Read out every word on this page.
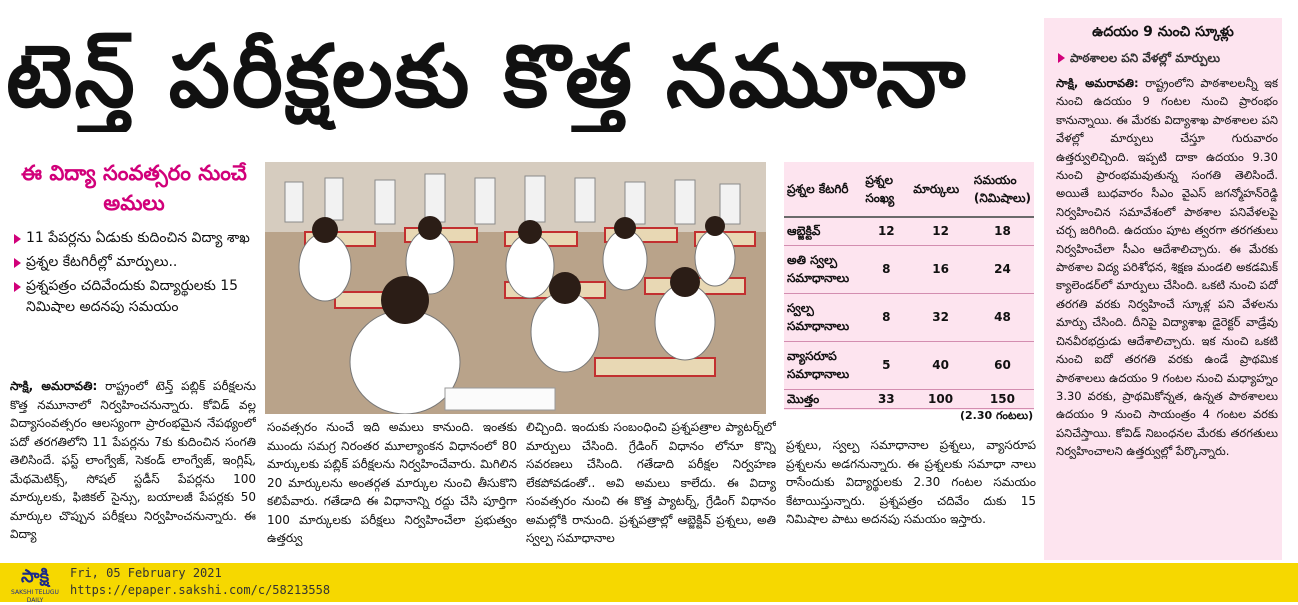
టెన్త్ పరీక్షలకు కొత్త నమూనా
ఈ విద్యా సంవత్సరం నుంచే అమలు
11 పేపర్లను ఏడుకు కుదించిన విద్యా శాఖ
ప్రశ్నల కేటగిరీల్లో మార్పులు..
ప్రశ్నపత్రం చదివేందుకు విద్యార్థులకు 15 నిమిషాల అదనపు సమయం
సాక్షి, అమరావతి: రాష్ట్రంలో టెన్త్ పబ్లిక్ పరీక్షలను కొత్త నమూనాలో నిర్వహించనున్నారు. కోవిడ్ వల్ల విద్యాసంవత్సరం ఆలస్యంగా ప్రారంభమైన నేపథ్యంలో పదో తరగతిలోని 11 పేపర్లను 7కు కుదించిన సంగతి తెలిసిందే. ఫస్ట్ లాంగ్వేజ్, సెకండ్ లాంగ్వేజ్, ఇంగ్లిష్, మేథమెటిక్స్, సోషల్ స్టడీస్ పేపర్లను 100 మార్కులకు, ఫిజికల్ సైన్సు, బయాలజీ పేపర్లకు 50 మార్కుల చొప్పున పరీక్షలు నిర్వహించనున్నారు. ఈ విద్యా
సంవత్సరం నుంచే ఇది అమలు కానుంది. ఇంతకు ముందు సమగ్ర నిరంతర మూల్యాంకన విధానంలో 80 మార్కులకు పబ్లిక్ పరీక్షలను నిర్వహించేవారు. మిగిలిన 20 మార్కులను అంతర్గత మార్కుల నుంచి తీసుకొని కలిపేవారు. గతేడాది ఈ విధానాన్ని రద్దు చేసి పూర్తిగా 100 మార్కులకు పరీక్షలు నిర్వహించేలా ప్రభుత్వం ఉత్తర్వు
లిచ్చింది. ఇందుకు సంబంధించి ప్రశ్నపత్రాల ప్యాటర్న్‌లో మార్పులు చేసింది. గ్రేడింగ్ విధానం లోనూ కొన్ని సవరణలు చేసింది. గతేడాది పరీక్షల నిర్వహణ లేకపోవడంతో.. అవి అమలు కాలేదు. ఈ విద్యా సంవత్సరం నుంచి ఈ కొత్త ప్యాటర్న్, గ్రేడింగ్ విధానం అమల్లోకి రానుంది. ప్రశ్నపత్రాల్లో ఆబ్జెక్టివ్ ప్రశ్నలు, అతి స్వల్ప సమాధానాల
ప్రశ్నలు, స్వల్ప సమాధానాల ప్రశ్నలు, వ్యాసరూప ప్రశ్నలను అడగనున్నారు. ఈ ప్రశ్నలకు సమాధా నాలు రాసేందుకు విద్యార్థులకు 2.30 గంటల సమయం కేటాయిస్తున్నారు. ప్రశ్నపత్రం చదివేం దుకు 15 నిమిషాల పాటు అదనపు సమయం ఇస్తారు.
ప్రశ్నల కేటగిరీ	ప్రశ్నల సంఖ్య	మార్కులు	సమయం (నిమిషాలు)
ఆబ్జెక్టివ్	12	12	18
అతి స్వల్ప సమాధానాలు	8	16	24
స్వల్ప సమాధానాలు	8	32	48
వ్యాసరూప సమాధానాలు	5	40	60
మొత్తం	33	100	150
(2.30 గంటలు)
ఉదయం 9 నుంచి స్కూళ్లు
పాఠశాలల పని వేళల్లో మార్పులు
సాక్షి, అమరావతి: రాష్ట్రంలోని పాఠశాలలన్నీ ఇక నుంచి ఉదయం 9 గంటల నుంచి ప్రారంభం కానున్నాయి. ఈ మేరకు విద్యాశాఖ పాఠశాలల పని వేళల్లో మార్పులు చేస్తూ గురువారం ఉత్తర్వులిచ్చింది. ఇప్పటి దాకా ఉదయం 9.30 నుంచి ప్రారంభమవుతున్న సంగతి తెలిసిందే. అయితే బుధవారం సీఎం వైఎస్ జగన్మోహన్‌రెడ్డి నిర్వహించిన సమావేశంలో పాఠశాల పనివేళలపై చర్చ జరిగింది. ఉదయం పూట త్వరగా తరగతులు నిర్వహించేలా సీఎం ఆదేశాలిచ్చారు. ఈ మేరకు పాఠశాల విద్య పరిశోధన, శిక్షణ మండలి అకడమిక్ క్యాలెండర్‌లో మార్పులు చేసింది. ఒకటి నుంచి పదో తరగతి వరకు నిర్వహించే స్కూళ్ల పని వేళలను మార్పు చేసింది. దీనిపై విద్యాశాఖ డైరెక్టర్ వాడ్రేవు చినవీరభద్రుడు ఆదేశాలిచ్చారు. ఇక నుంచి ఒకటి నుంచి ఐదో తరగతి వరకు ఉండే ప్రాథమిక పాఠశాలలు ఉదయం 9 గంటల నుంచి మధ్యాహ్నం 3.30 వరకు, ప్రాథమికోన్నత, ఉన్నత పాఠశాలలు ఉదయం 9 నుంచి సాయంత్రం 4 గంటల వరకు పనిచేస్తాయి. కోవిడ్ నిబంధనల మేరకు తరగతులు నిర్వహించాలని ఉత్తర్వుల్లో పేర్కొన్నారు.
సాక్షి
SAKSHI TELUGU DAILY
Fri, 05 February 2021
https://epaper.sakshi.com/c/58213558
